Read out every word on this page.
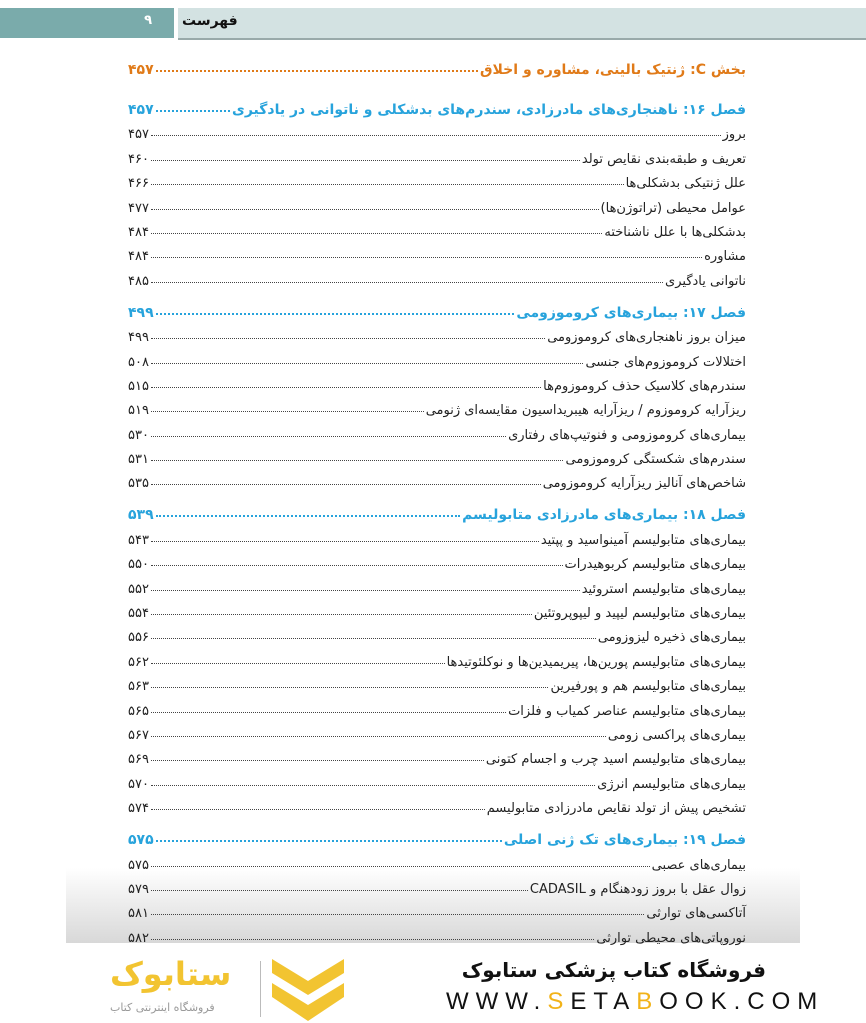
۹ فهرست
بخش C: ژنتیک بالینی، مشاوره و اخلاق
۴۵۷
فصل ۱۶: ناهنجاری‌های مادرزادی، سندرم‌های بدشکلی و ناتوانی در یادگیری
۴۵۷
بروز
۴۵۷
تعریف و طبقه‌بندی نقایص تولد
۴۶۰
علل ژنتیکی بدشکلی‌ها
۴۶۶
عوامل محیطی (تراتوژن‌ها)
۴۷۷
بدشکلی‌ها با علل ناشناخته
۴۸۴
مشاوره
۴۸۴
ناتوانی یادگیری
۴۸۵
فصل ۱۷: بیماری‌های کروموزومی
۴۹۹
میزان بروز ناهنجاری‌های کروموزومی
۴۹۹
اختلالات کروموزوم‌های جنسی
۵۰۸
سندرم‌های کلاسیک حذف کروموزوم‌ها
۵۱۵
ریزآرایه کروموزوم / ریزآرایه هیبریداسیون مقایسه‌ای ژنومی
۵۱۹
بیماری‌های کروموزومی و فنوتیپ‌های رفتاری
۵۳۰
سندرم‌های شکستگی کروموزومی
۵۳۱
شاخص‌های آنالیز ریزآرایه کروموزومی
۵۳۵
فصل ۱۸: بیماری‌های مادرزادی متابولیسم
۵۳۹
بیماری‌های متابولیسم آمینواسید و پپتید
۵۴۳
بیماری‌های متابولیسم کربوهیدرات
۵۵۰
بیماری‌های متابولیسم استروئید
۵۵۲
بیماری‌های متابولیسم لیپید و لیپوپروتئین
۵۵۴
بیماری‌های ذخیره لیزوزومی
۵۵۶
بیماری‌های متابولیسم پورین‌ها، پیریمیدین‌ها و نوکلئوتیدها
۵۶۲
بیماری‌های متابولیسم هم و پورفیرین
۵۶۳
بیماری‌های متابولیسم عناصر کمیاب و فلزات
۵۶۵
بیماری‌های پراکسی زومی
۵۶۷
بیماری‌های متابولیسم اسید چرب و اجسام کتونی
۵۶۹
بیماری‌های متابولیسم انرژی
۵۷۰
تشخیص پیش از تولد نقایص مادرزادی متابولیسم
۵۷۴
فصل ۱۹: بیماری‌های تک ژنی اصلی
۵۷۵
بیماری‌های عصبی
۵۷۵
زوال عقل با بروز زودهنگام و CADASIL
۵۷۹
آتاکسی‌های توارثی
۵۸۱
نوروپاتی‌های محیطی توارثی
۵۸۲
ستابوک
فروشگاه اینترنتی کتاب
فروشگاه کتاب پزشکی ستابوک
WWW.SETABOOK.COM
